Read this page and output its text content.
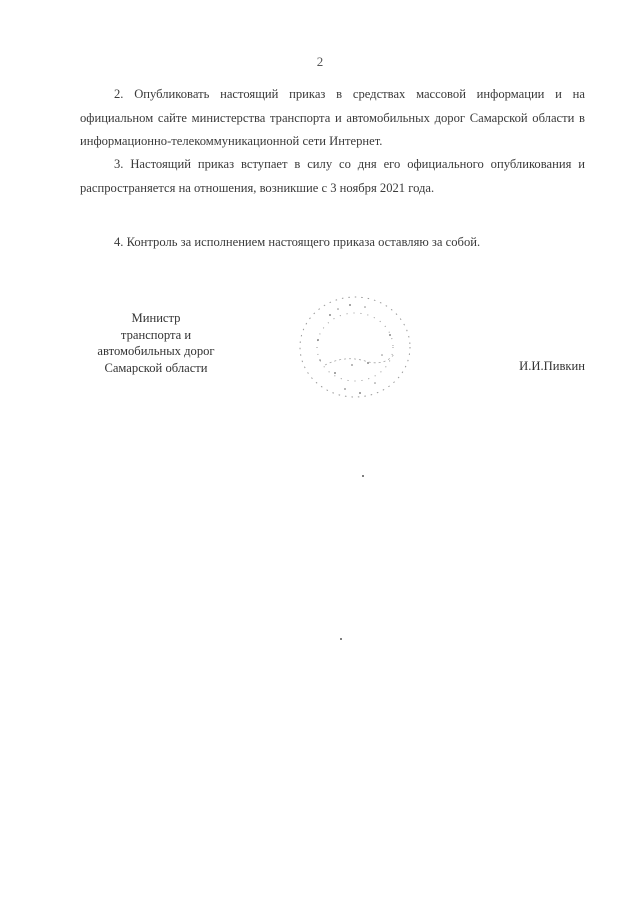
2

2. Опубликовать настоящий приказ в средствах массовой информации и на официальном сайте министерства транспорта и автомобильных дорог Самарской области в информационно-телекоммуникационной сети Интернет.

3. Настоящий приказ вступает в силу со дня его официального опубликования и распространяется на отношения, возникшие с 3 ноября 2021 года.

4. Контроль за исполнением настоящего приказа оставляю за собой.

Министр
транспорта и
автомобильных дорог
Самарской области	И.И.Пивкин
